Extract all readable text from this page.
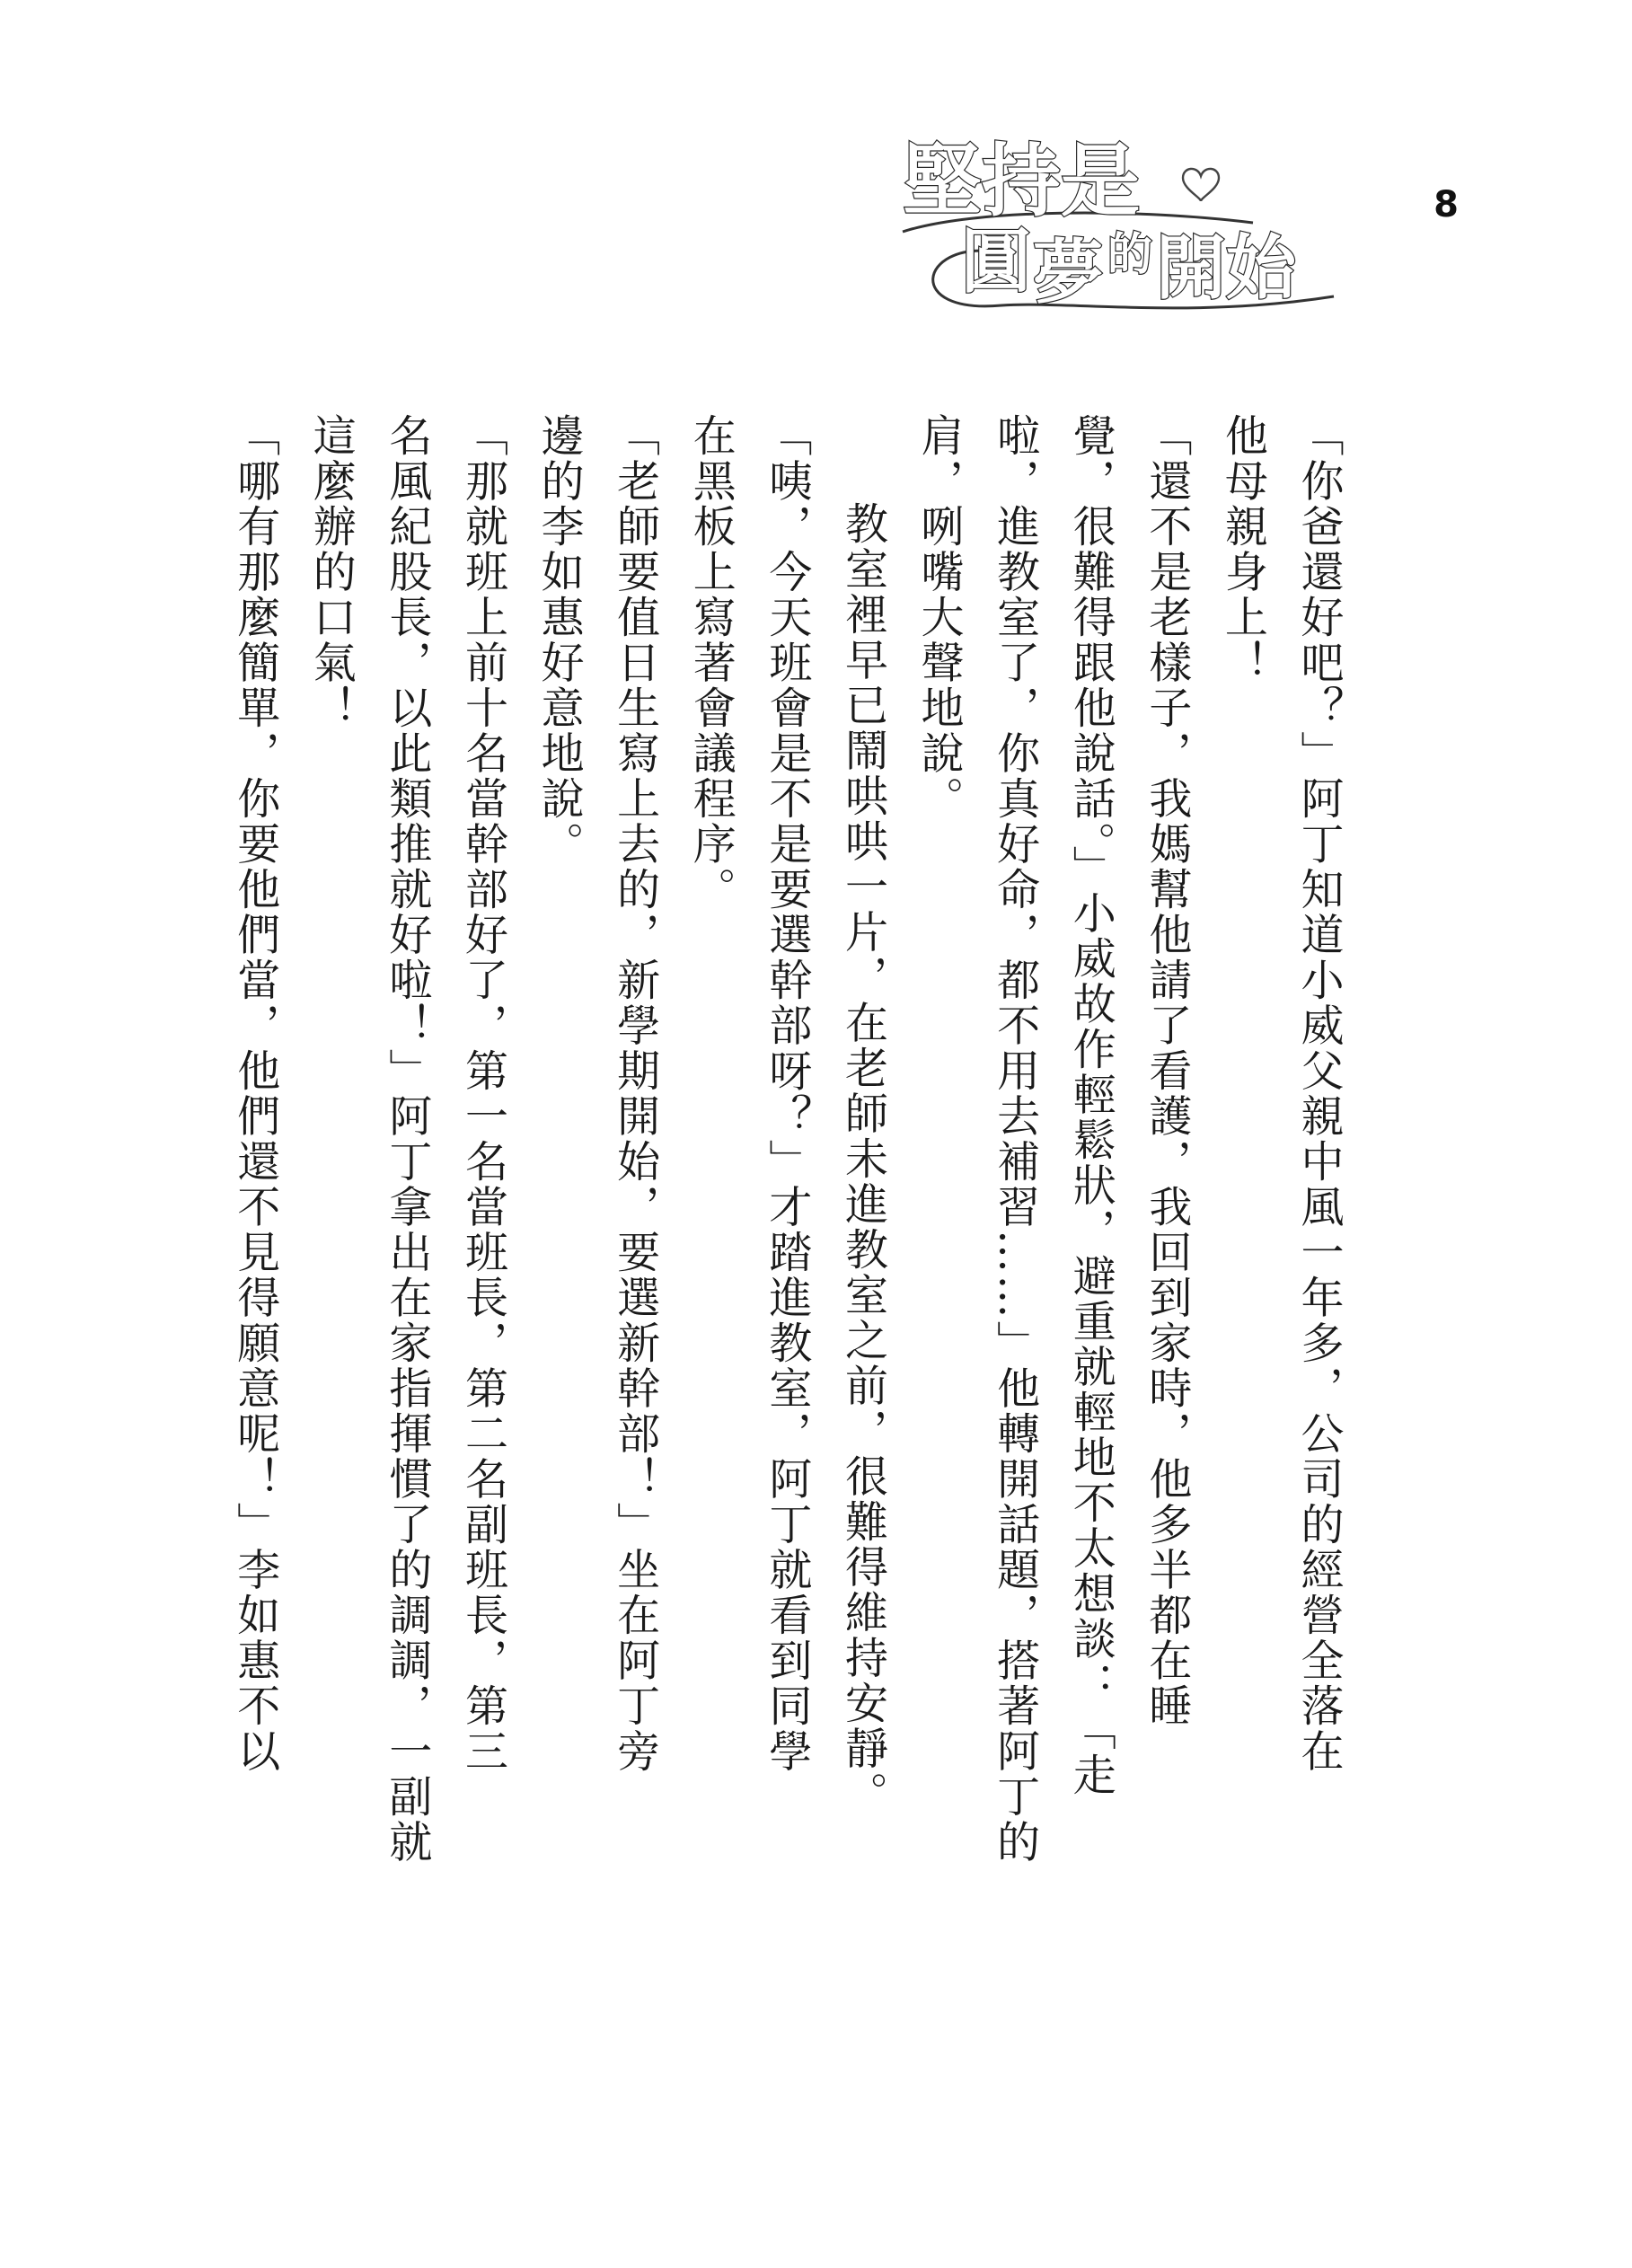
堅持是
圓 夢 的 開始
8

「你爸還好吧？」阿丁知道小威父親中風一年多，公司的經營全落在

他母親身上！

「還不是老樣子，我媽幫他請了看護，我回到家時，他多半都在睡

覺，很難得跟他說話。」小威故作輕鬆狀，避重就輕地不太想談：「走

啦，進教室了，你真好命，都不用去補習……」他轉開話題，搭著阿丁的

肩，咧嘴大聲地說。

教室裡早已鬧哄哄一片，在老師未進教室之前，很難得維持安靜。

「咦，今天班會是不是要選幹部呀？」才踏進教室，阿丁就看到同學

在黑板上寫著會議程序。

「老師要值日生寫上去的，新學期開始，要選新幹部！」坐在阿丁旁

邊的李如惠好意地說。

「那就班上前十名當幹部好了，第一名當班長，第二名副班長，第三

名風紀股長，以此類推就好啦！」阿丁拿出在家指揮慣了的調調，一副就

這麼辦的口氣！

「哪有那麼簡單，你要他們當，他們還不見得願意呢！」李如惠不以
